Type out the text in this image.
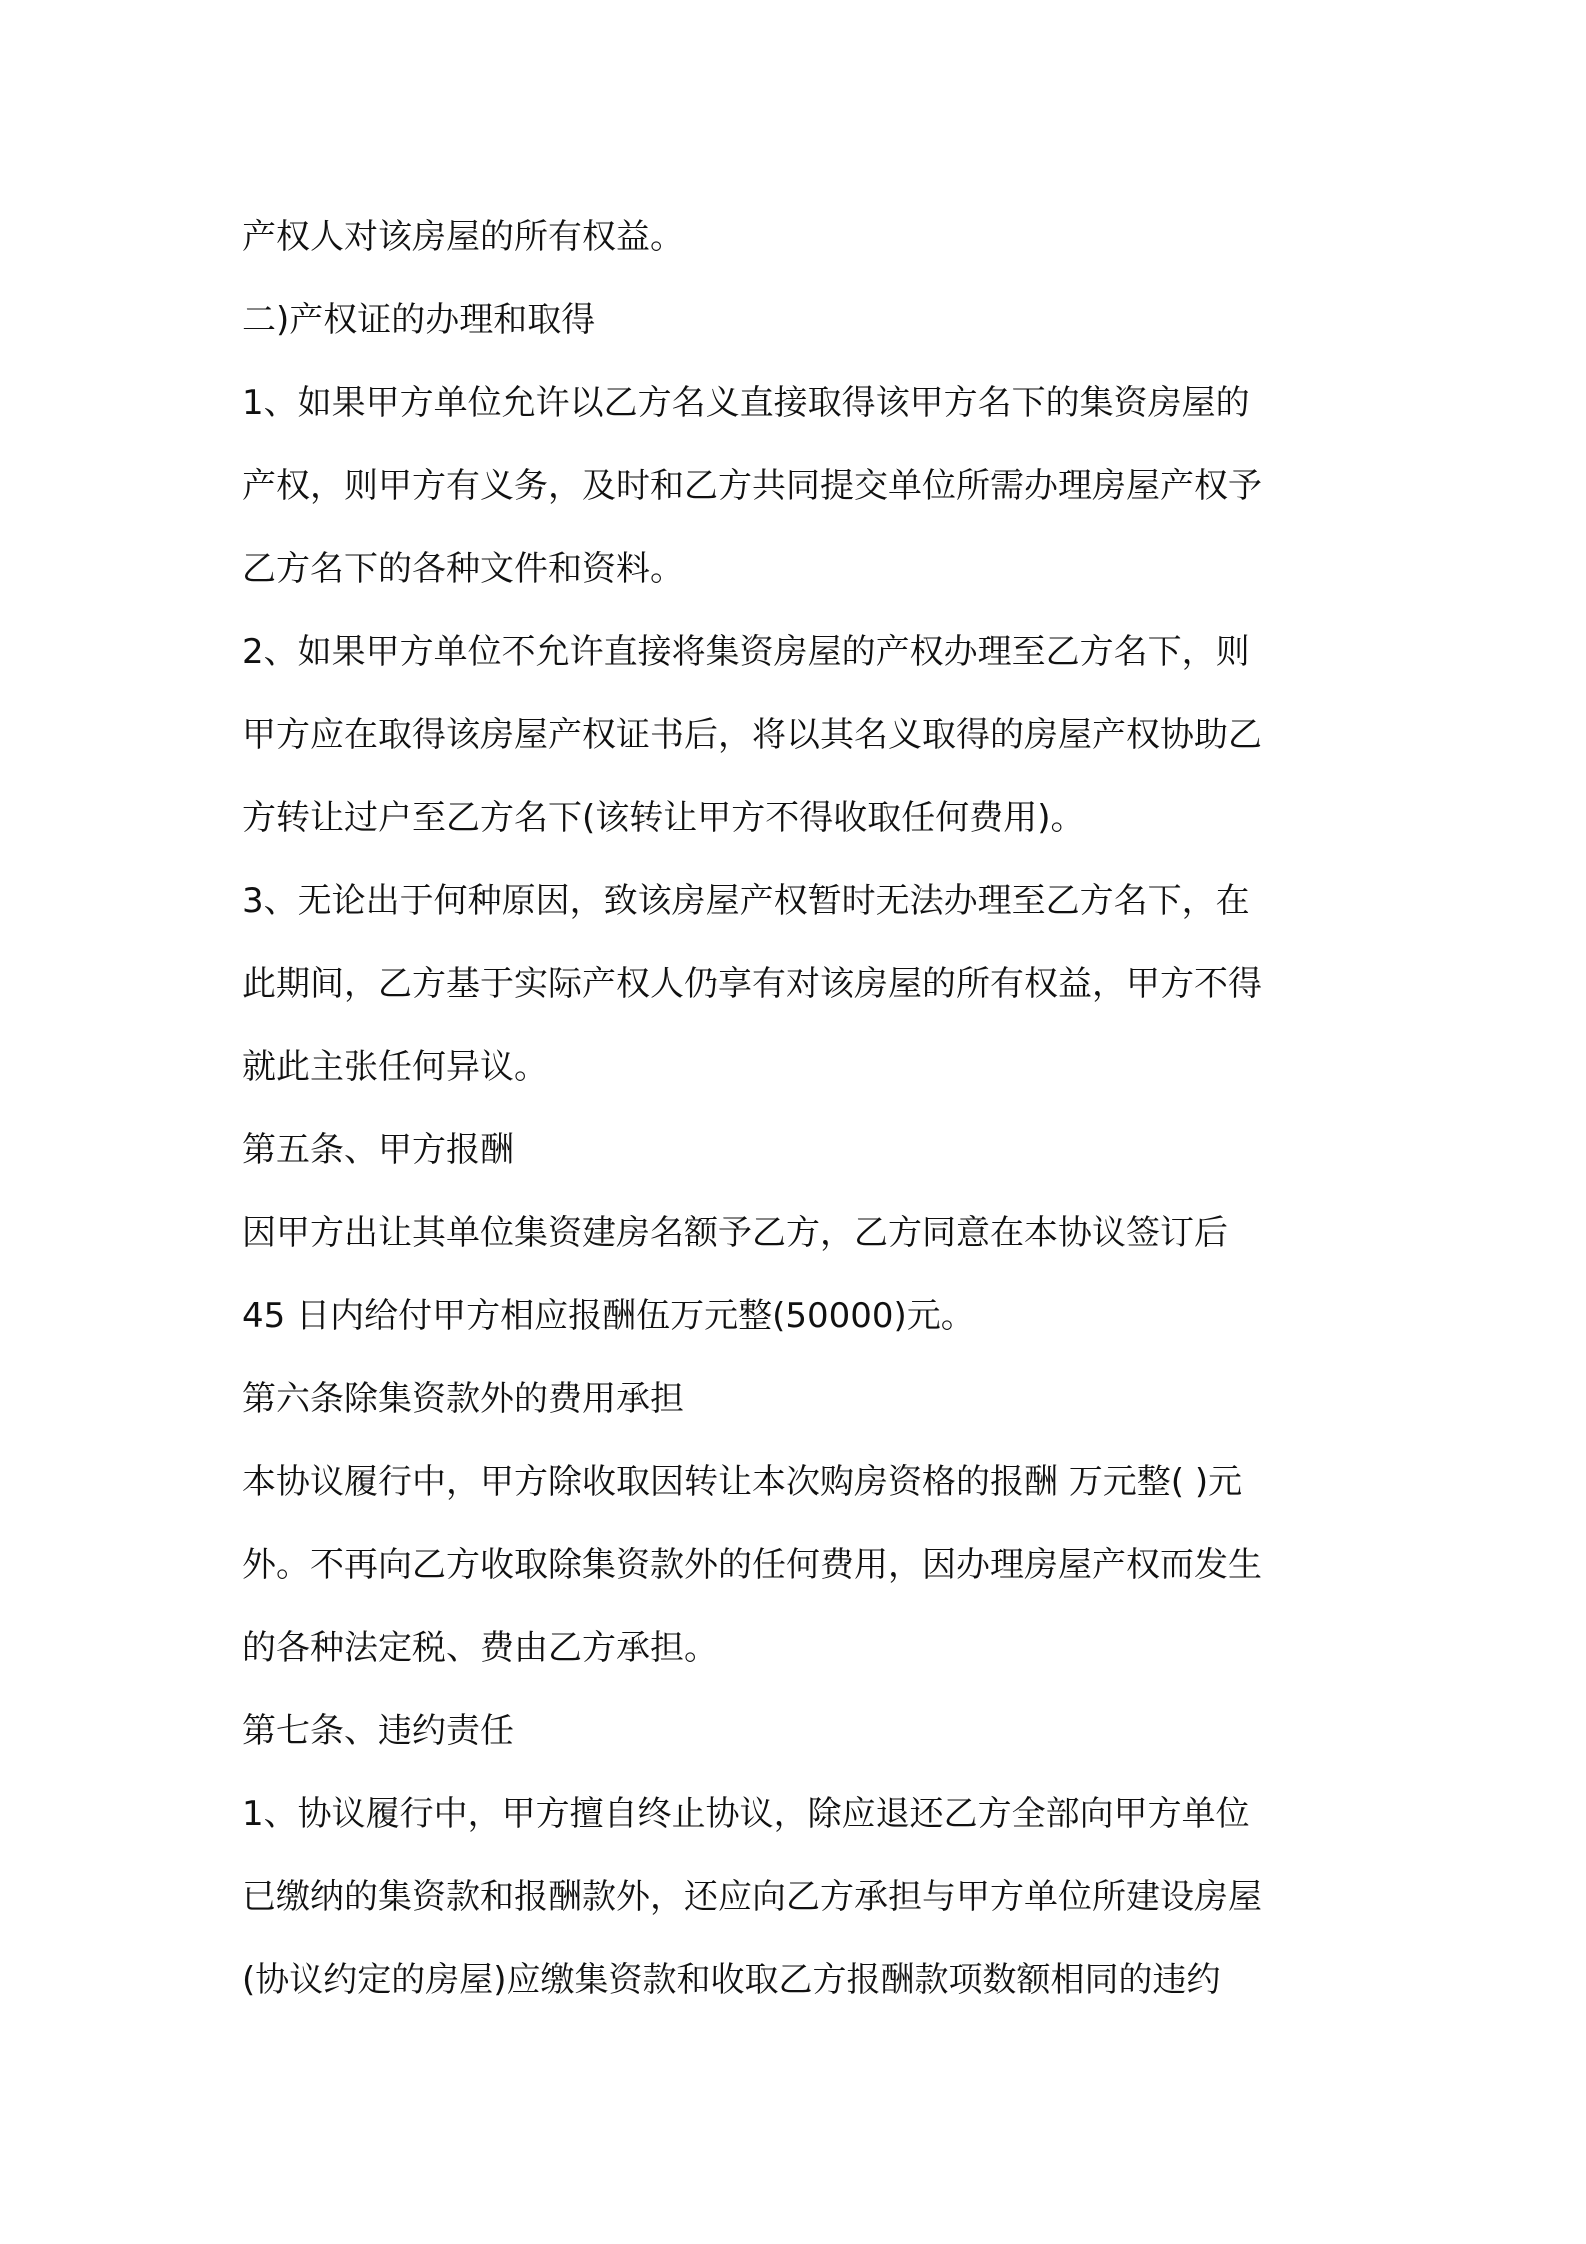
产权人对该房屋的所有权益。
二)产权证的办理和取得
1、如果甲方单位允许以乙方名义直接取得该甲方名下的集资房屋的
产权，则甲方有义务，及时和乙方共同提交单位所需办理房屋产权予
乙方名下的各种文件和资料。
2、如果甲方单位不允许直接将集资房屋的产权办理至乙方名下，则
甲方应在取得该房屋产权证书后，将以其名义取得的房屋产权协助乙
方转让过户至乙方名下(该转让甲方不得收取任何费用)。
3、无论出于何种原因，致该房屋产权暂时无法办理至乙方名下，在
此期间，乙方基于实际产权人仍享有对该房屋的所有权益，甲方不得
就此主张任何异议。
第五条、甲方报酬
因甲方出让其单位集资建房名额予乙方，乙方同意在本协议签订后
45 日内给付甲方相应报酬伍万元整(50000)元。
第六条除集资款外的费用承担
本协议履行中，甲方除收取因转让本次购房资格的报酬 万元整( )元
外。不再向乙方收取除集资款外的任何费用，因办理房屋产权而发生
的各种法定税、费由乙方承担。
第七条、违约责任
1、协议履行中，甲方擅自终止协议，除应退还乙方全部向甲方单位
已缴纳的集资款和报酬款外，还应向乙方承担与甲方单位所建设房屋
(协议约定的房屋)应缴集资款和收取乙方报酬款项数额相同的违约
